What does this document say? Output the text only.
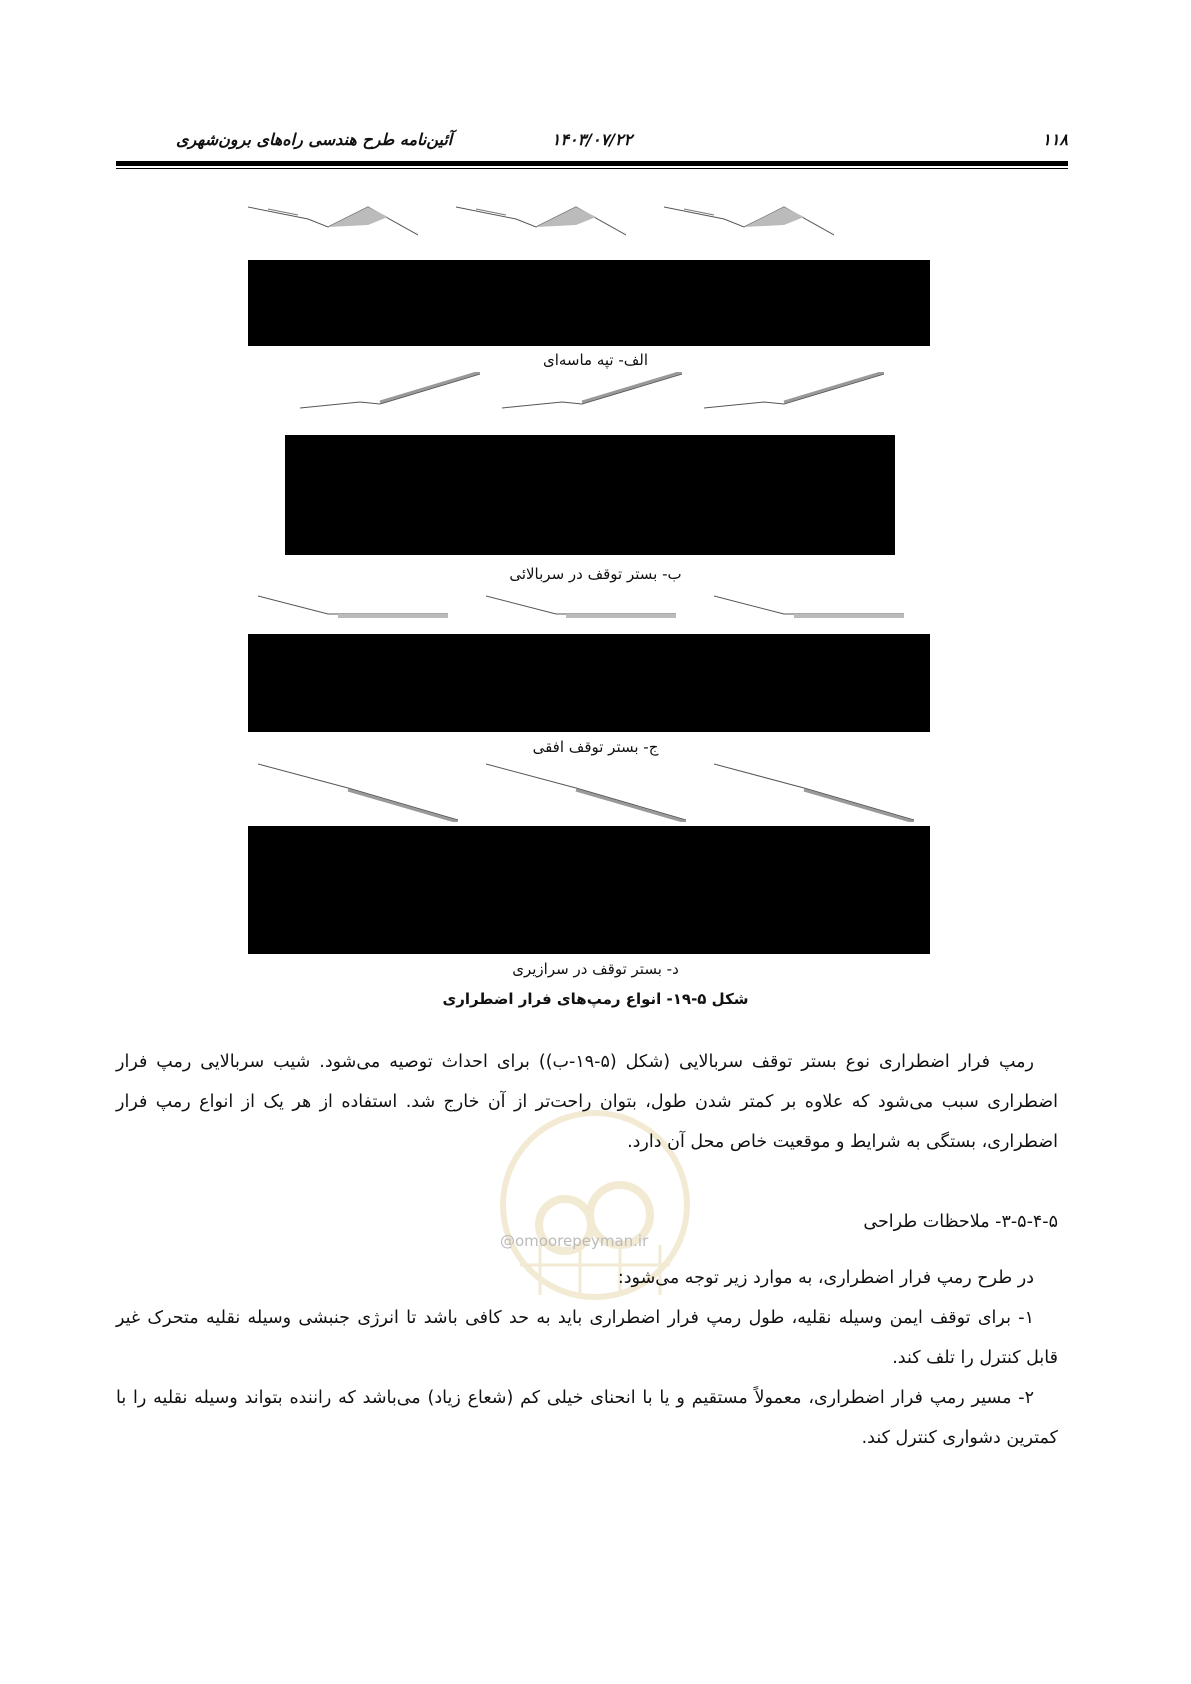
۱۱۸
۱۴۰۳/۰۷/۲۲
آئین‌نامه طرح هندسی راه‌های برون‌شهری
الف- تپه ماسه‌ای
ب- بستر توقف در سربالائی
ج- بستر توقف افقی
د- بستر توقف در سرازیری
شکل ۵-۱۹- انواع رمپ‌های فرار اضطراری
@omoorepeyman.ir

رمپ فرار اضطراری نوع بستر توقف سربالایی (شکل (۵-۱۹-ب)) برای احداث توصیه می‌شود. شیب سربالایی رمپ فرار اضطراری سبب می‌شود که علاوه بر کمتر شدن طول، بتوان راحت‌تر از آن خارج شد. استفاده از هر یک از انواع رمپ فرار اضطراری، بستگی به شرایط و موقعیت خاص محل آن دارد.

۳-۵-۴-۵- ملاحظات طراحی

در طرح رمپ فرار اضطراری، به موارد زیر توجه می‌شود:

۱- برای توقف ایمن وسیله نقلیه، طول رمپ فرار اضطراری باید به حد کافی باشد تا انرژی جنبشی وسیله نقلیه متحرک غیر قابل کنترل را تلف کند.

۲- مسیر رمپ فرار اضطراری، معمولاً مستقیم و یا با انحنای خیلی کم (شعاع زیاد) می‌باشد که راننده بتواند وسیله نقلیه را با کمترین دشواری کنترل کند.
